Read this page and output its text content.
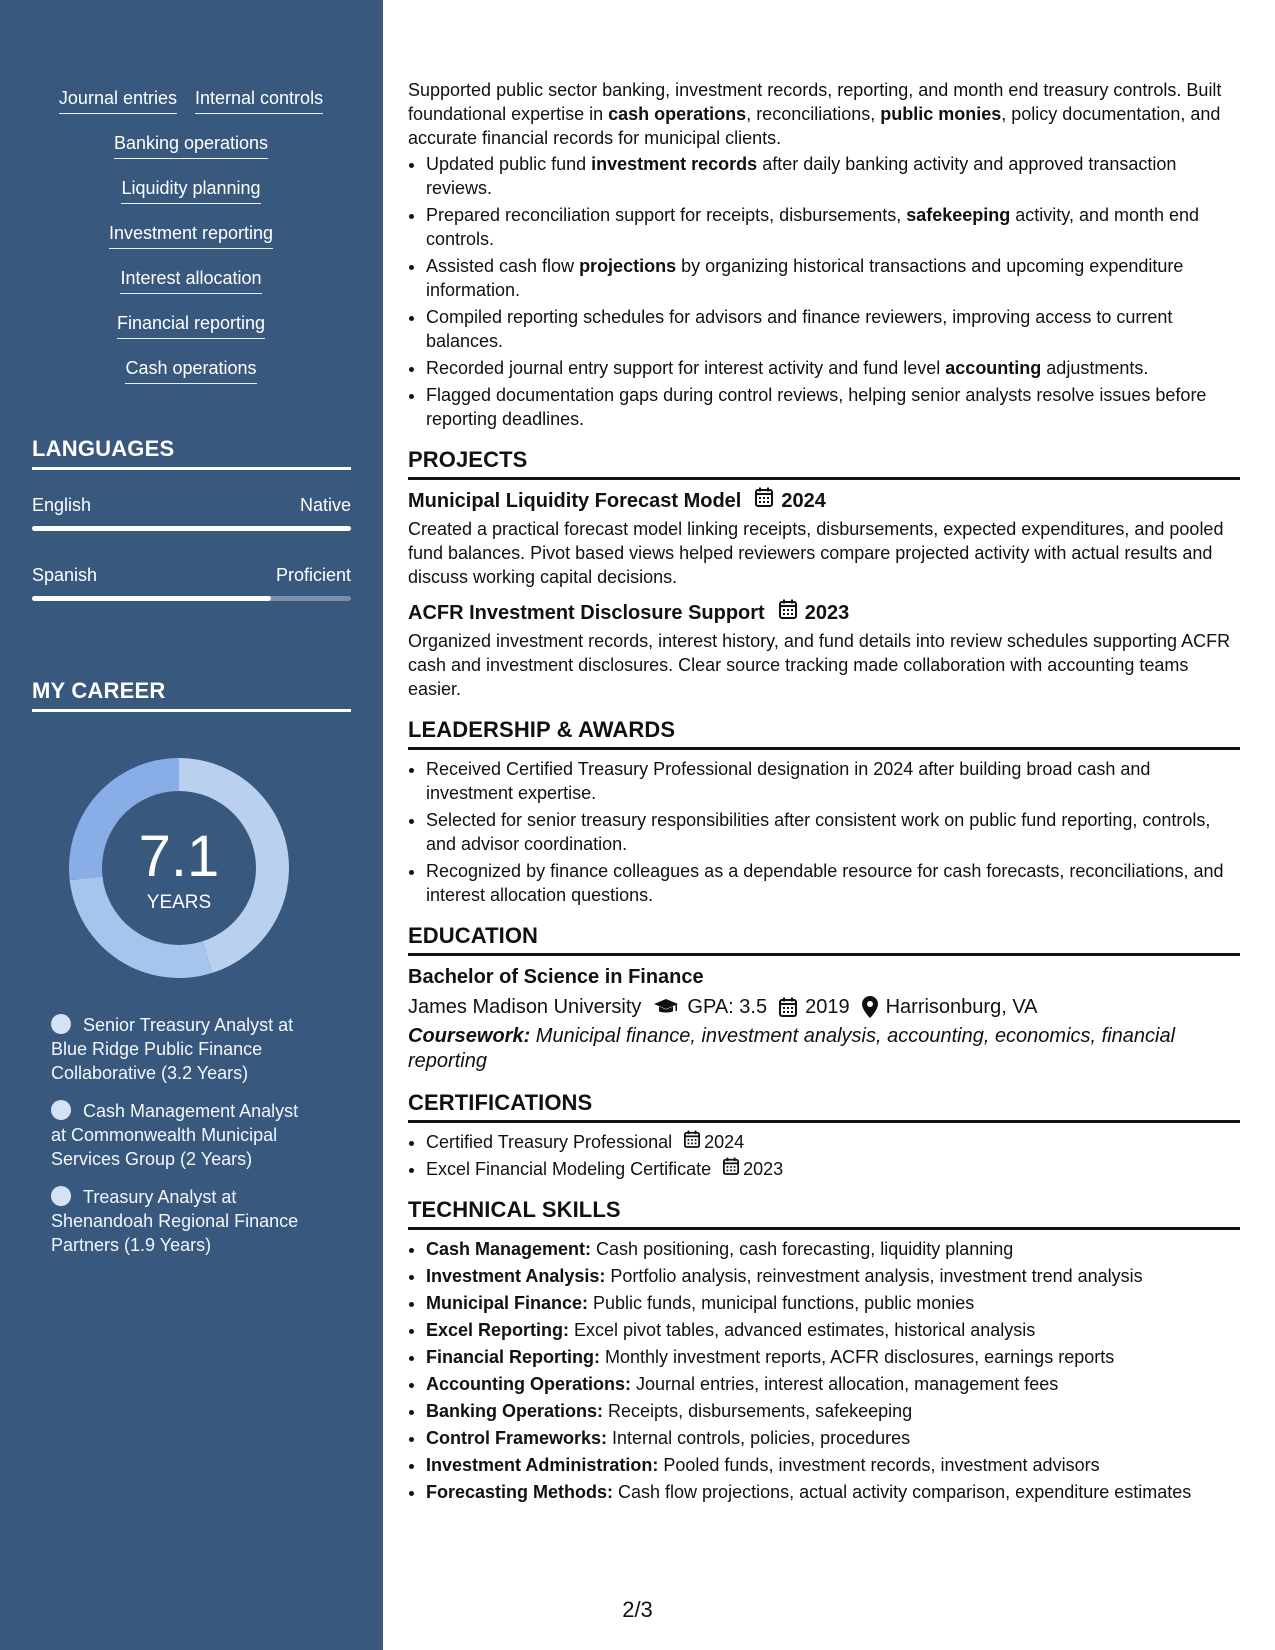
Journal entries Internal controls
Banking operations
Liquidity planning
Investment reporting
Interest allocation
Financial reporting
Cash operations
LANGUAGES
English	Native
Spanish	Proficient
MY CAREER
7.1
YEARS
Senior Treasury Analyst at Blue Ridge Public Finance Collaborative (3.2 Years)
Cash Management Analyst at Commonwealth Municipal Services Group (2 Years)
Treasury Analyst at Shenandoah Regional Finance Partners (1.9 Years)
Supported public sector banking, investment records, reporting, and month end treasury controls. Built foundational expertise in cash operations, reconciliations, public monies, policy documentation, and accurate financial records for municipal clients.
• Updated public fund investment records after daily banking activity and approved transaction reviews.
• Prepared reconciliation support for receipts, disbursements, safekeeping activity, and month end controls.
• Assisted cash flow projections by organizing historical transactions and upcoming expenditure information.
• Compiled reporting schedules for advisors and finance reviewers, improving access to current balances.
• Recorded journal entry support for interest activity and fund level accounting adjustments.
• Flagged documentation gaps during control reviews, helping senior analysts resolve issues before reporting deadlines.
PROJECTS
Municipal Liquidity Forecast Model 2024
Created a practical forecast model linking receipts, disbursements, expected expenditures, and pooled fund balances. Pivot based views helped reviewers compare projected activity with actual results and discuss working capital decisions.
ACFR Investment Disclosure Support 2023
Organized investment records, interest history, and fund details into review schedules supporting ACFR cash and investment disclosures. Clear source tracking made collaboration with accounting teams easier.
LEADERSHIP & AWARDS
• Received Certified Treasury Professional designation in 2024 after building broad cash and investment expertise.
• Selected for senior treasury responsibilities after consistent work on public fund reporting, controls, and advisor coordination.
• Recognized by finance colleagues as a dependable resource for cash forecasts, reconciliations, and interest allocation questions.
EDUCATION
Bachelor of Science in Finance
James Madison University GPA: 3.5 2019 Harrisonburg, VA
Coursework: Municipal finance, investment analysis, accounting, economics, financial reporting
CERTIFICATIONS
• Certified Treasury Professional 2024
• Excel Financial Modeling Certificate 2023
TECHNICAL SKILLS
• Cash Management: Cash positioning, cash forecasting, liquidity planning
• Investment Analysis: Portfolio analysis, reinvestment analysis, investment trend analysis
• Municipal Finance: Public funds, municipal functions, public monies
• Excel Reporting: Excel pivot tables, advanced estimates, historical analysis
• Financial Reporting: Monthly investment reports, ACFR disclosures, earnings reports
• Accounting Operations: Journal entries, interest allocation, management fees
• Banking Operations: Receipts, disbursements, safekeeping
• Control Frameworks: Internal controls, policies, procedures
• Investment Administration: Pooled funds, investment records, investment advisors
• Forecasting Methods: Cash flow projections, actual activity comparison, expenditure estimates
2/3
